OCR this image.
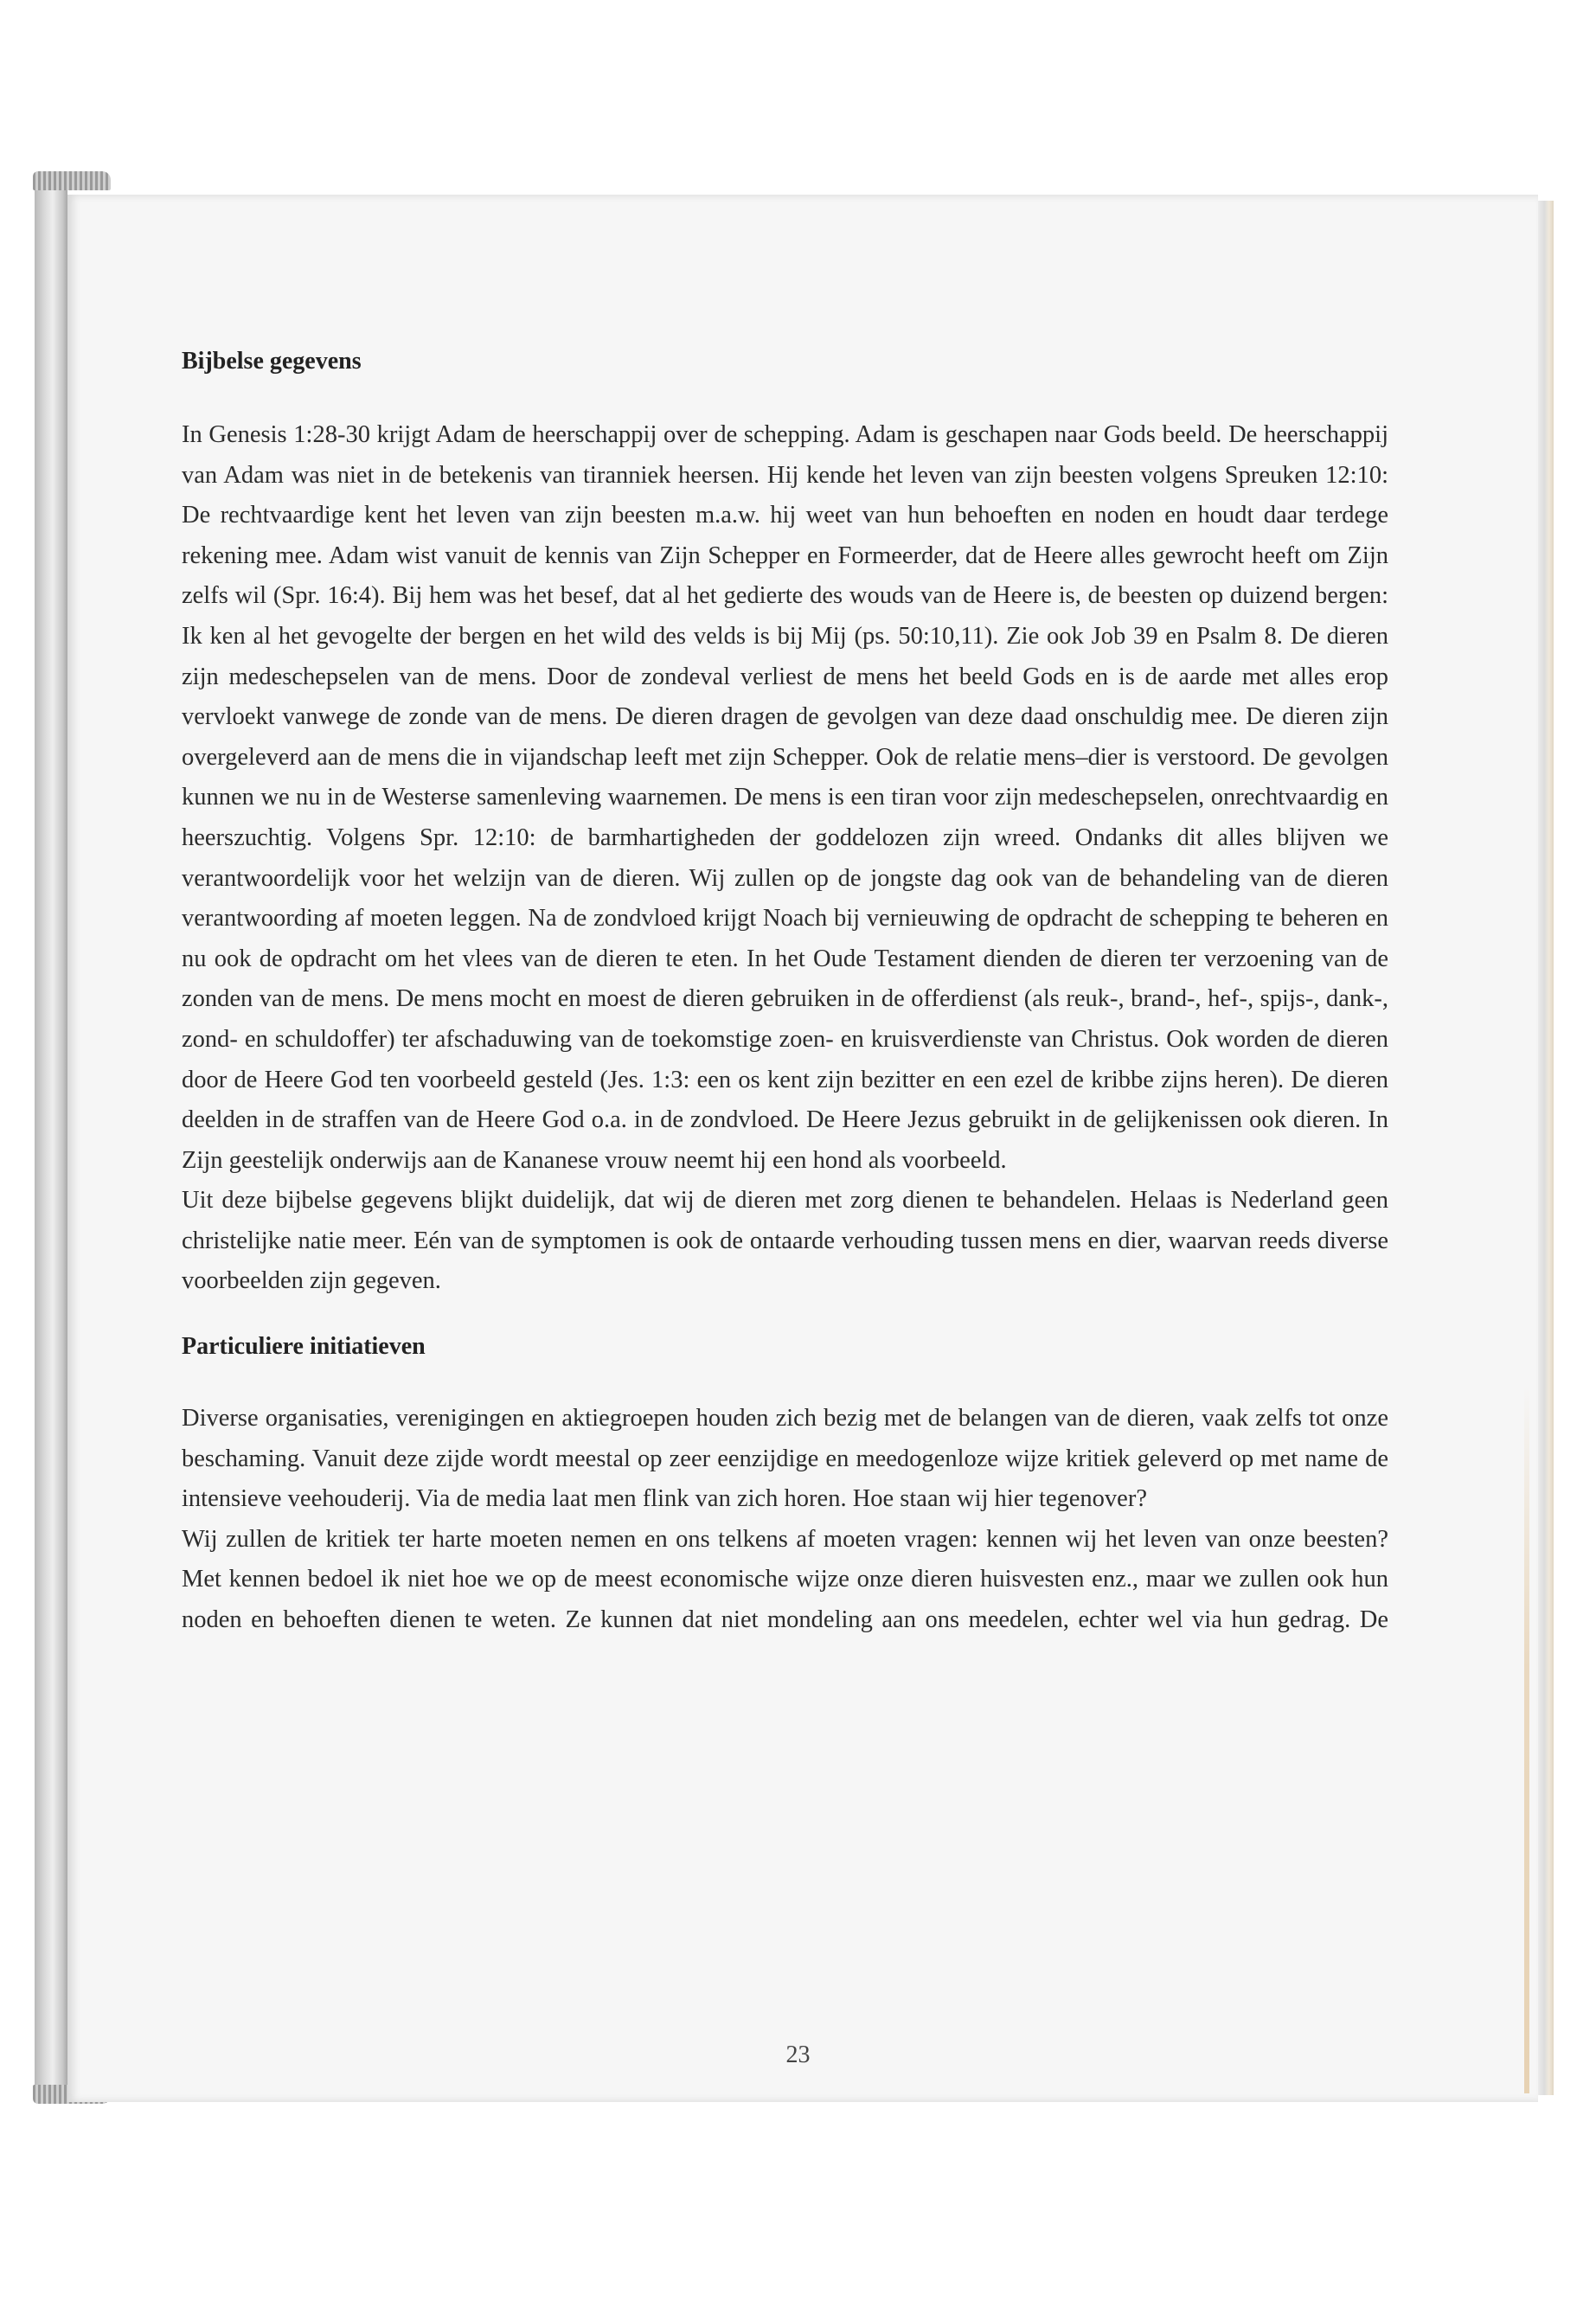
Bijbelse gegevens

In Genesis 1:28-30 krijgt Adam de heerschappij over de schepping. Adam is geschapen naar Gods beeld. De heerschappij van Adam was niet in de betekenis van tiranniek heersen. Hij kende het leven van zijn beesten volgens Spreuken 12:10: De rechtvaardige kent het leven van zijn beesten m.a.w. hij weet van hun behoeften en noden en houdt daar terdege rekening mee. Adam wist vanuit de kennis van Zijn Schepper en Formeerder, dat de Heere alles gewrocht heeft om Zijn zelfs wil (Spr. 16:4). Bij hem was het besef, dat al het gedierte des wouds van de Heere is, de beesten op duizend bergen: Ik ken al het gevogelte der bergen en het wild des velds is bij Mij (ps. 50:10,11). Zie ook Job 39 en Psalm 8. De dieren zijn medeschepselen van de mens. Door de zondeval verliest de mens het beeld Gods en is de aarde met alles erop vervloekt vanwege de zonde van de mens. De dieren dragen de gevolgen van deze daad onschuldig mee. De dieren zijn overgeleverd aan de mens die in vijandschap leeft met zijn Schepper. Ook de relatie mens–dier is verstoord. De gevolgen kunnen we nu in de Westerse samenleving waarnemen. De mens is een tiran voor zijn medeschepselen, onrechtvaardig en heerszuchtig. Volgens Spr. 12:10: de barmhartigheden der goddelozen zijn wreed. Ondanks dit alles blijven we verantwoordelijk voor het welzijn van de dieren. Wij zullen op de jongste dag ook van de behandeling van de dieren verantwoording af moeten leggen. Na de zondvloed krijgt Noach bij vernieuwing de opdracht de schepping te beheren en nu ook de opdracht om het vlees van de dieren te eten. In het Oude Testament dienden de dieren ter verzoening van de zonden van de mens. De mens mocht en moest de dieren gebruiken in de offerdienst (als reuk-, brand-, hef-, spijs-, dank-, zond- en schuldoffer) ter afschaduwing van de toekomstige zoen- en kruisverdienste van Christus. Ook worden de dieren door de Heere God ten voorbeeld gesteld (Jes. 1:3: een os kent zijn bezitter en een ezel de kribbe zijns heren). De dieren deelden in de straffen van de Heere God o.a. in de zondvloed. De Heere Jezus gebruikt in de gelijkenissen ook dieren. In Zijn geestelijk onderwijs aan de Kananese vrouw neemt hij een hond als voorbeeld.

Uit deze bijbelse gegevens blijkt duidelijk, dat wij de dieren met zorg dienen te behandelen. Helaas is Nederland geen christelijke natie meer. Eén van de symptomen is ook de ontaarde verhouding tussen mens en dier, waarvan reeds diverse voorbeelden zijn gegeven.

Particuliere initiatieven

Diverse organisaties, verenigingen en aktiegroepen houden zich bezig met de belangen van de dieren, vaak zelfs tot onze beschaming. Vanuit deze zijde wordt meestal op zeer eenzijdige en meedogenloze wijze kritiek geleverd op met name de intensieve veehouderij. Via de media laat men flink van zich horen. Hoe staan wij hier tegenover?

Wij zullen de kritiek ter harte moeten nemen en ons telkens af moeten vragen: kennen wij het leven van onze beesten? Met kennen bedoel ik niet hoe we op de meest economische wijze onze dieren huisvesten enz., maar we zullen ook hun noden en behoeften dienen te weten. Ze kunnen dat niet mondeling aan ons meedelen, echter wel via hun gedrag. De

23
